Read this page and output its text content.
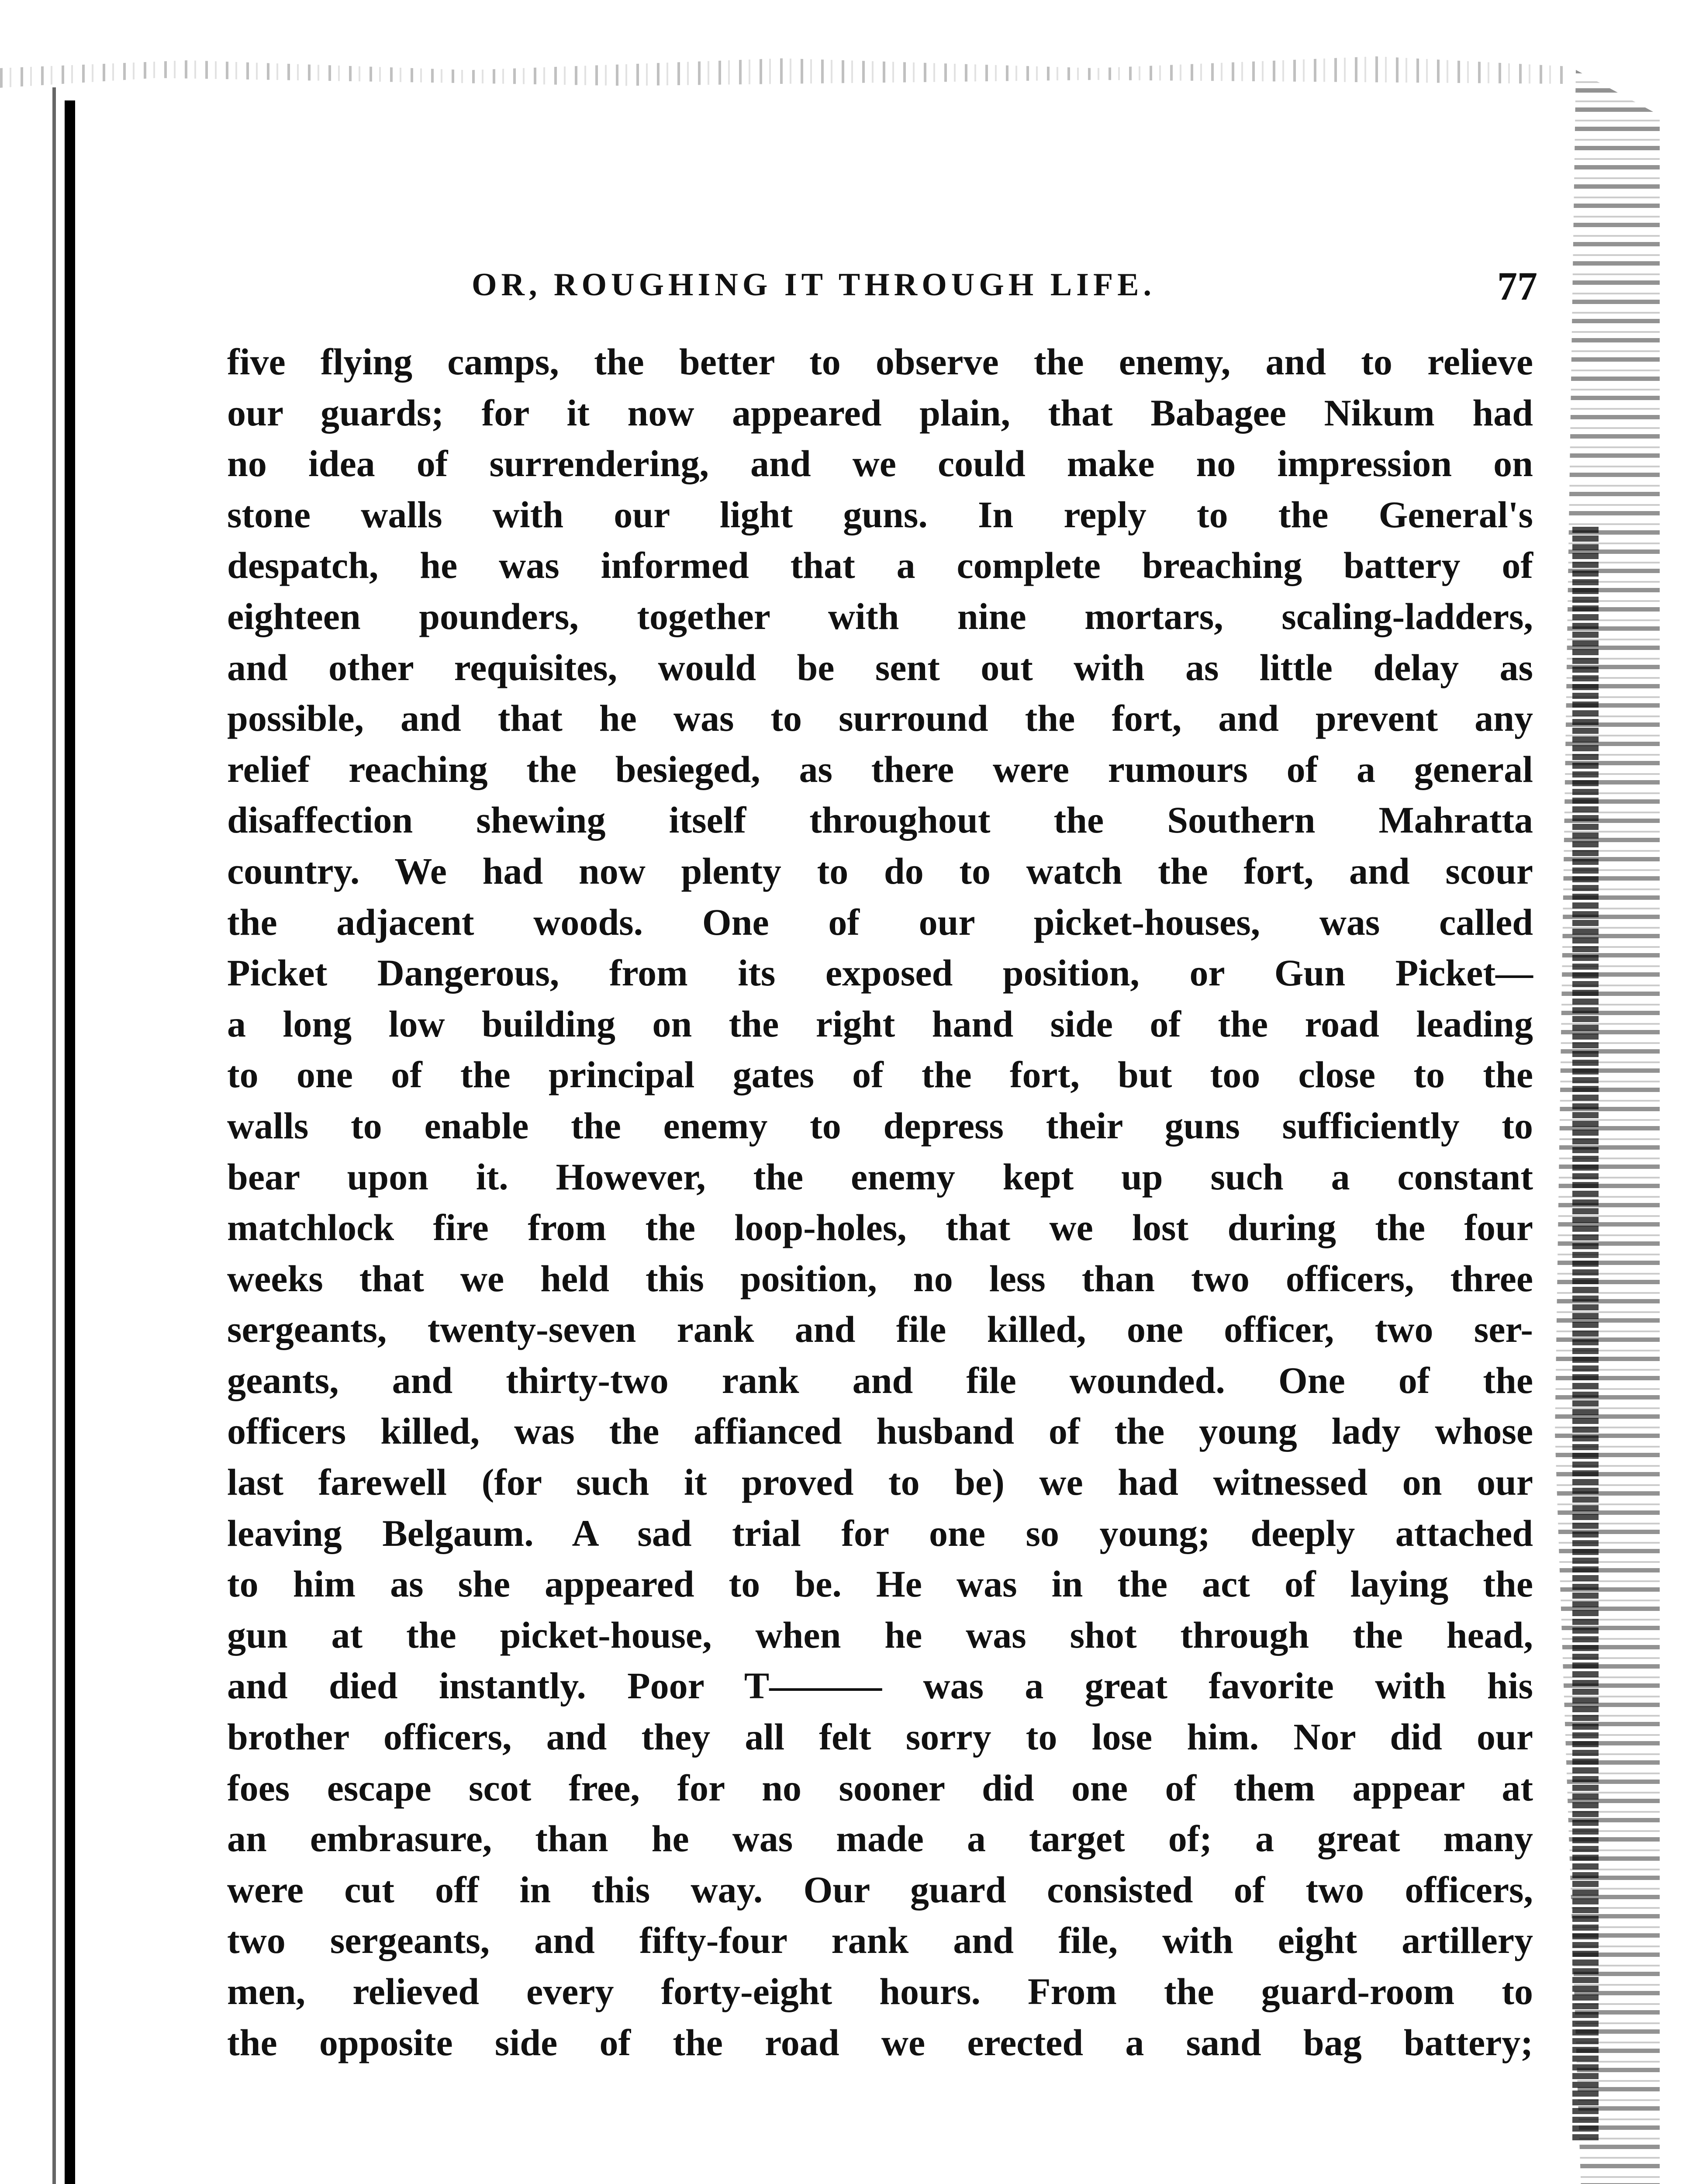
OR, ROUGHING IT THROUGH LIFE.	77
five flying camps, the better to observe the enemy, and to relieve
our guards; for it now appeared plain, that Babagee Nikum had
no idea of surrendering, and we could make no impression on
stone walls with our light guns. In reply to the General's
despatch, he was informed that a complete breaching battery of
eighteen pounders, together with nine mortars, scaling-ladders,
and other requisites, would be sent out with as little delay as
possible, and that he was to surround the fort, and prevent any
relief reaching the besieged, as there were rumours of a general
disaffection shewing itself throughout the Southern Mahratta
country. We had now plenty to do to watch the fort, and scour
the adjacent woods. One of our picket-houses, was called
Picket Dangerous, from its exposed position, or Gun Picket—
a long low building on the right hand side of the road leading
to one of the principal gates of the fort, but too close to the
walls to enable the enemy to depress their guns sufficiently to
bear upon it. However, the enemy kept up such a constant
matchlock fire from the loop-holes, that we lost during the four
weeks that we held this position, no less than two officers, three
sergeants, twenty-seven rank and file killed, one officer, two ser-
geants, and thirty-two rank and file wounded. One of the
officers killed, was the affianced husband of the young lady whose
last farewell (for such it proved to be) we had witnessed on our
leaving Belgaum. A sad trial for one so young; deeply attached
to him as she appeared to be. He was in the act of laying the
gun at the picket-house, when he was shot through the head,
and died instantly. Poor T——— was a great favorite with his
brother officers, and they all felt sorry to lose him. Nor did our
foes escape scot free, for no sooner did one of them appear at
an embrasure, than he was made a target of; a great many
were cut off in this way. Our guard consisted of two officers,
two sergeants, and fifty-four rank and file, with eight artillery
men, relieved every forty-eight hours. From the guard-room to
the opposite side of the road we erected a sand bag battery;
